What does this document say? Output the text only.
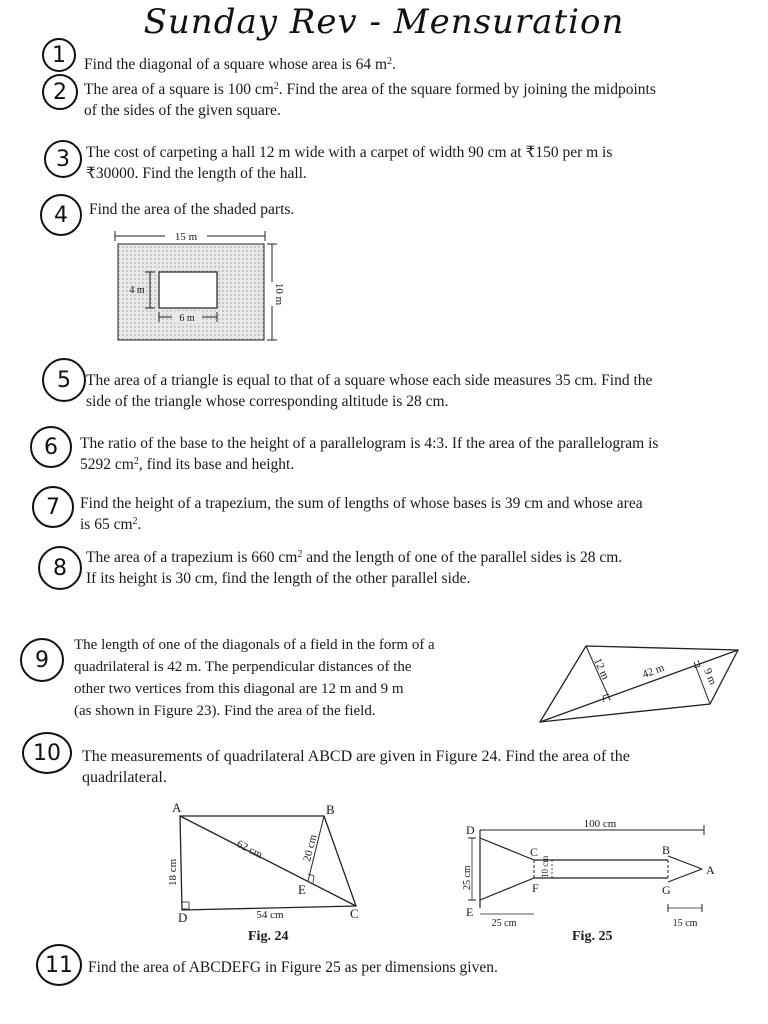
Sunday Rev - Mensuration
1 Find the diagonal of a square whose area is 64 $m^2$.
2 The area of a square is 100 $cm^2$. Find the area of the square formed by joining the midpoints
of the sides of the given square.
3 The cost of carpeting a hall 12 m wide with a carpet of width 90 cm at ₹150 per m is
₹30000. Find the length of the hall.
4 Find the area of the shaded parts.
15 m
4 m
6 m
10 m
5 The area of a triangle is equal to that of a square whose each side measures 35 cm. Find the
side of the triangle whose corresponding altitude is 28 cm.
6 The ratio of the base to the height of a parallelogram is 4:3. If the area of the parallelogram is
5292 $cm^2$, find its base and height.
7 Find the height of a trapezium, the sum of lengths of whose bases is 39 cm and whose area
is 65 $cm^2$.
8 The area of a trapezium is 660 $cm^2$ and the length of one of the parallel sides is 28 cm.
If its height is 30 cm, find the length of the other parallel side.
9
The length of one of the diagonals of a field in the form of a
quadrilateral is 42 m. The perpendicular distances of the
other two vertices from this diagonal are 12 m and 9 m
(as shown in Figure 23). Find the area of the field.
12 m	42 m	9 m
10 The measurements of quadrilateral ABCD are given in Figure 24. Find the area of the
quadrilateral.
A	B
C
D
E
18 cm
62 cm	20 cm
54 cm
Fig. 24
100 cm
25 cm	10 cm
25 cm	15 cm
D
E
C
F
B
G
A
Fig. 25
11 Find the area of ABCDEFG in Figure 25 as per dimensions given.
